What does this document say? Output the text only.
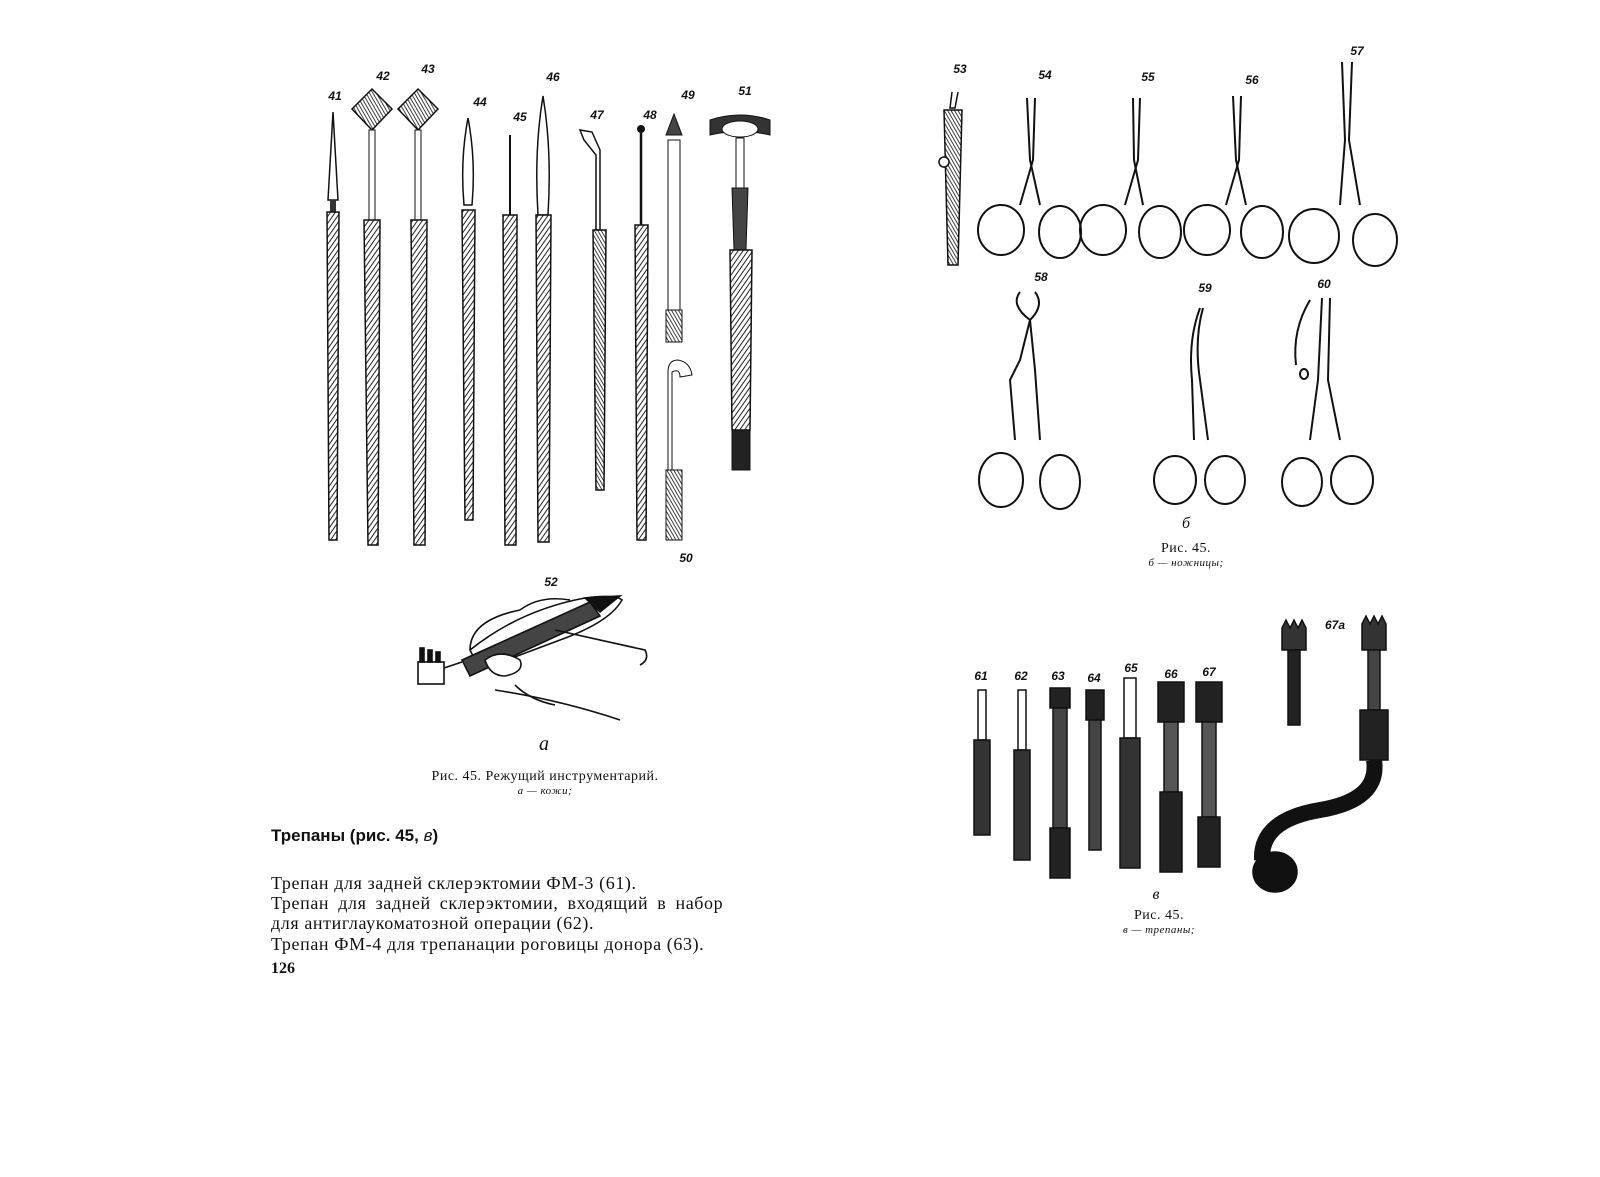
41
42	43
44
45
46
47	48
49	51
50
52
а
Рис. 45. Режущий инструментарий.
а — кожи;
Трепаны (рис. 45, в)
Трепан для задней склерэктомии ФМ-3 (61).
Трепан для задней склерэктомии, входящий в набор
для антиглаукоматозной операции (62).
Трепан ФМ-4 для трепанации роговицы донора (63).
126
53	54	55	56
57
58
59	60
б
Рис. 45.
б — ножницы;
61 62 63 64
65 66 67
67а
в
Рис. 45.
в — трепаны;
